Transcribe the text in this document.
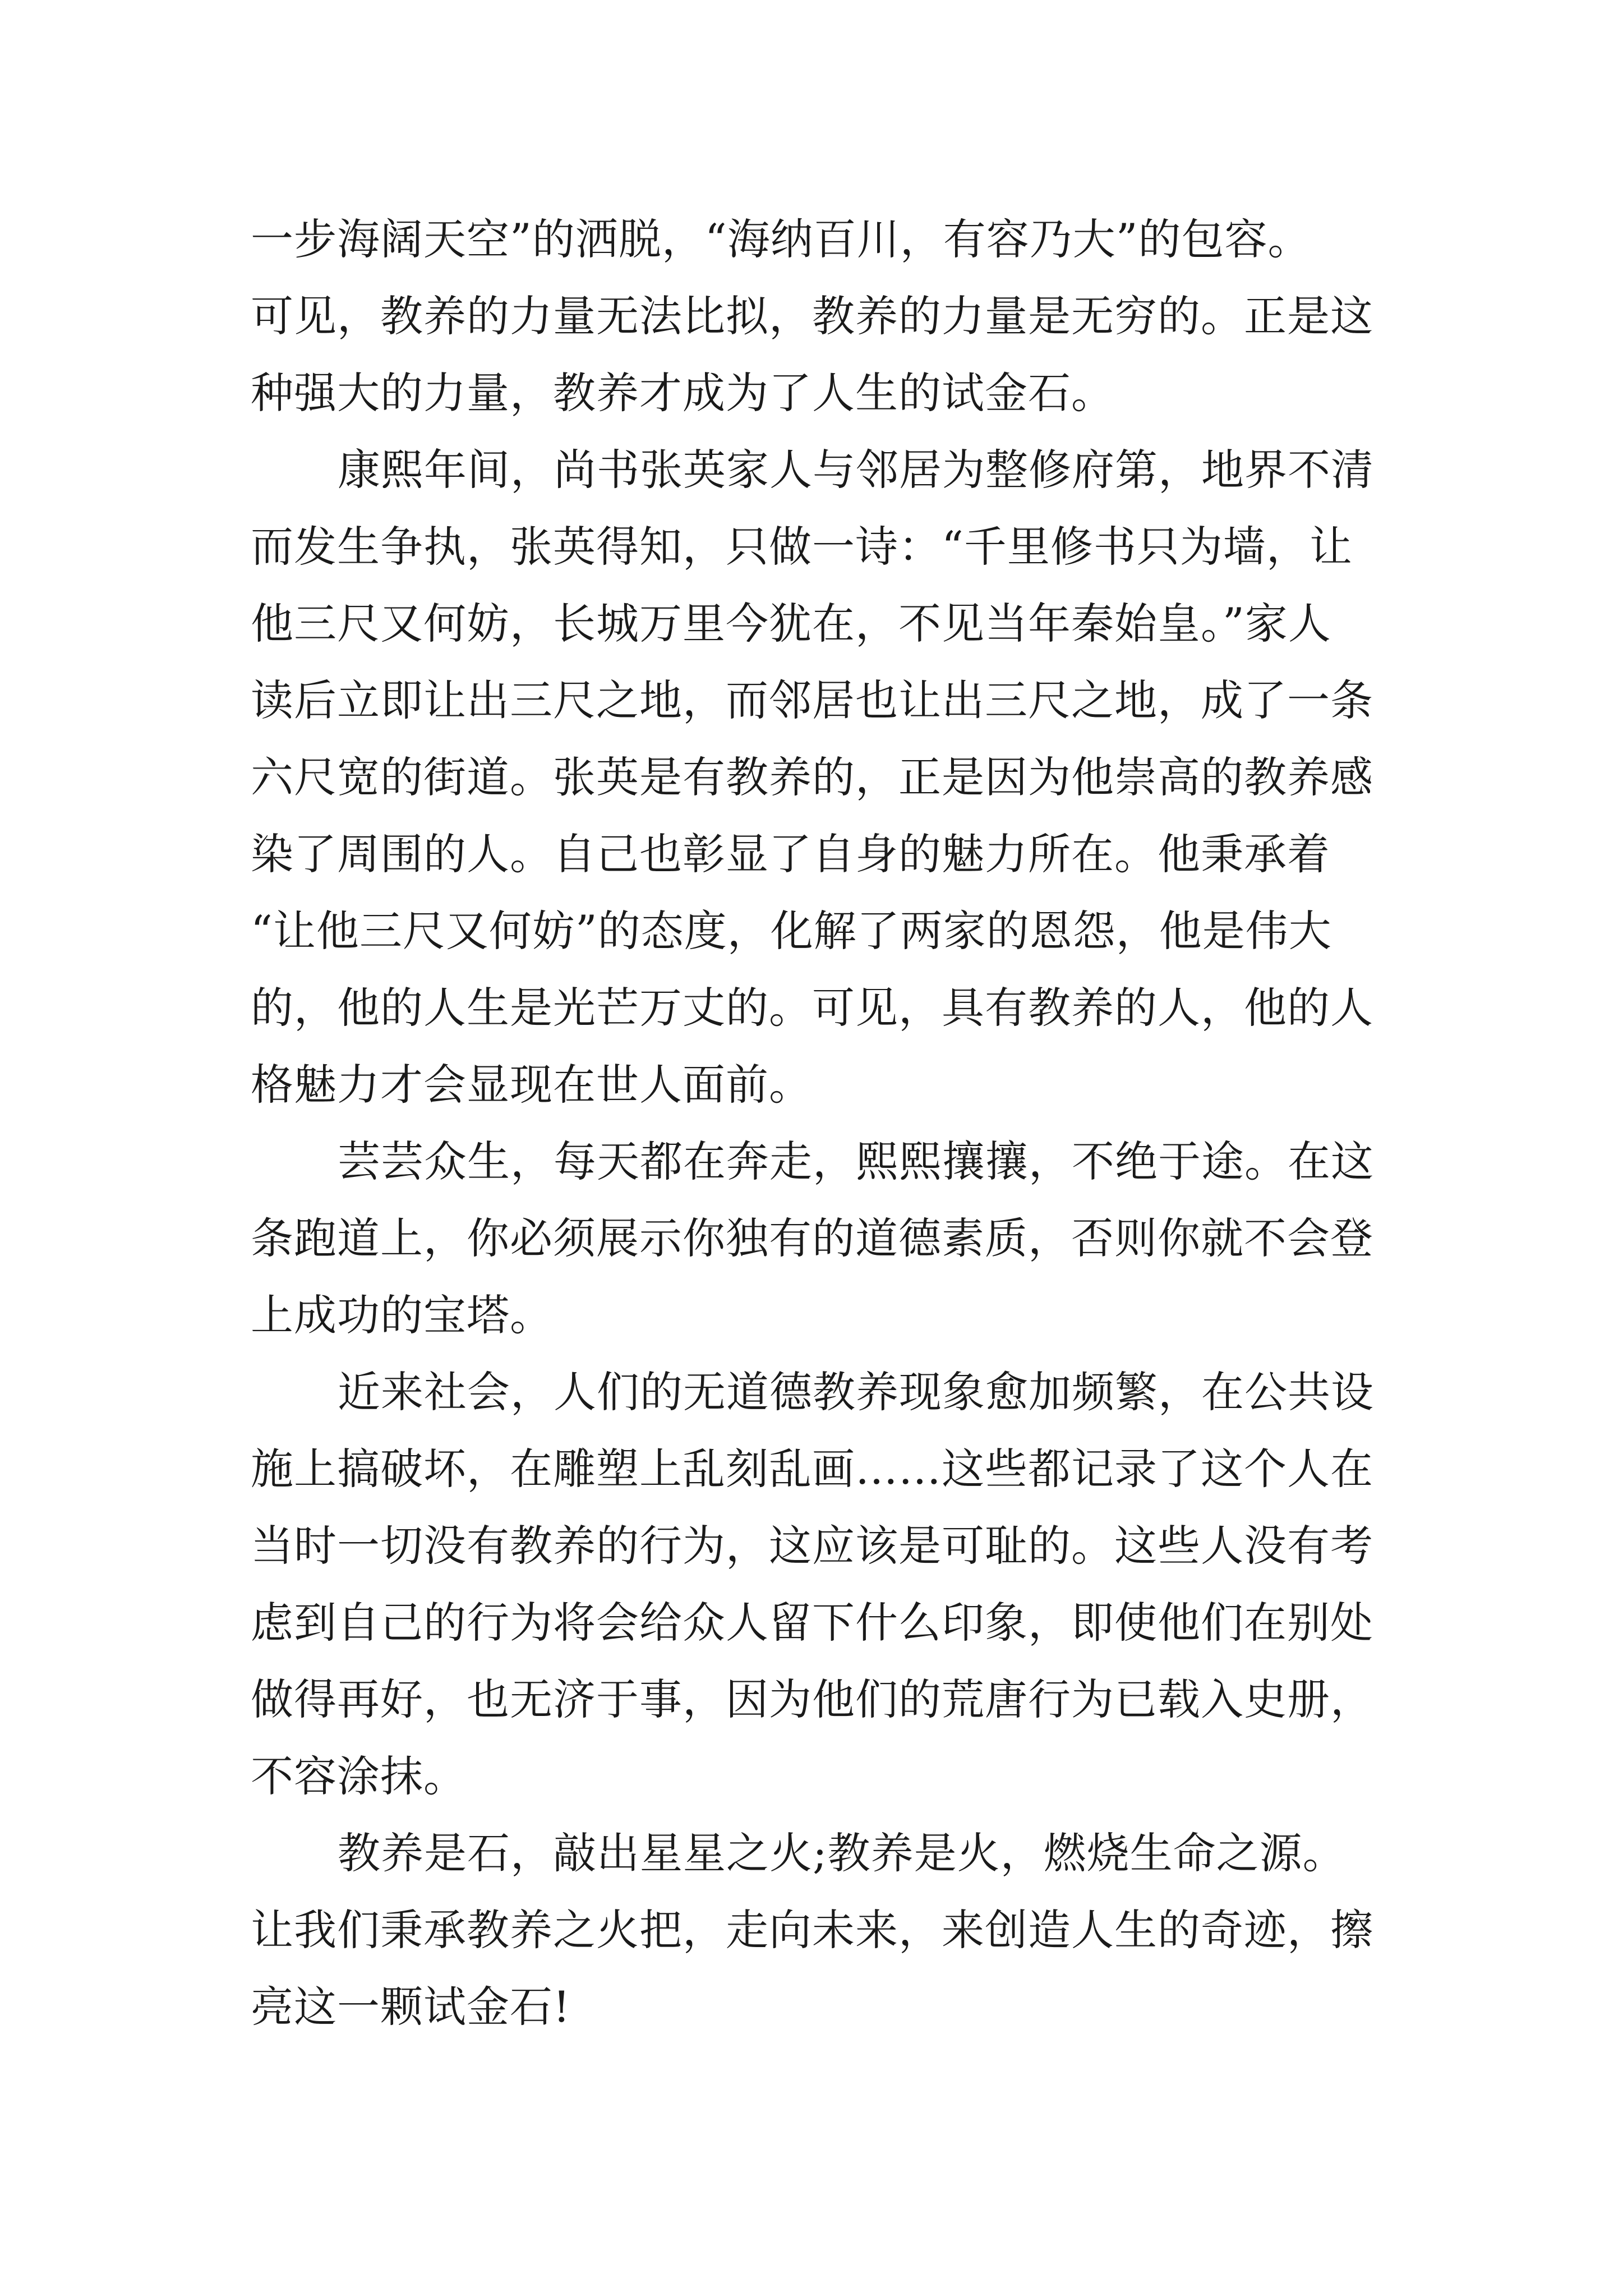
一步海阔天空”的洒脱，“海纳百川，有容乃大”的包容。
可见，教养的力量无法比拟，教养的力量是无穷的。正是这
种强大的力量，教养才成为了人生的试金石。
康熙年间，尚书张英家人与邻居为整修府第，地界不清
而发生争执，张英得知，只做一诗：“千里修书只为墙，让
他三尺又何妨，长城万里今犹在，不见当年秦始皇。”家人
读后立即让出三尺之地，而邻居也让出三尺之地，成了一条
六尺宽的街道。张英是有教养的，正是因为他崇高的教养感
染了周围的人。自己也彰显了自身的魅力所在。他秉承着
“让他三尺又何妨”的态度，化解了两家的恩怨，他是伟大
的，他的人生是光芒万丈的。可见，具有教养的人，他的人
格魅力才会显现在世人面前。
芸芸众生，每天都在奔走，熙熙攘攘，不绝于途。在这
条跑道上，你必须展示你独有的道德素质，否则你就不会登
上成功的宝塔。
近来社会，人们的无道德教养现象愈加频繁，在公共设
施上搞破坏，在雕塑上乱刻乱画……这些都记录了这个人在
当时一切没有教养的行为，这应该是可耻的。这些人没有考
虑到自己的行为将会给众人留下什么印象，即使他们在别处
做得再好，也无济于事，因为他们的荒唐行为已载入史册，
不容涂抹。
教养是石，敲出星星之火;教养是火，燃烧生命之源。
让我们秉承教养之火把，走向未来，来创造人生的奇迹，擦
亮这一颗试金石!
